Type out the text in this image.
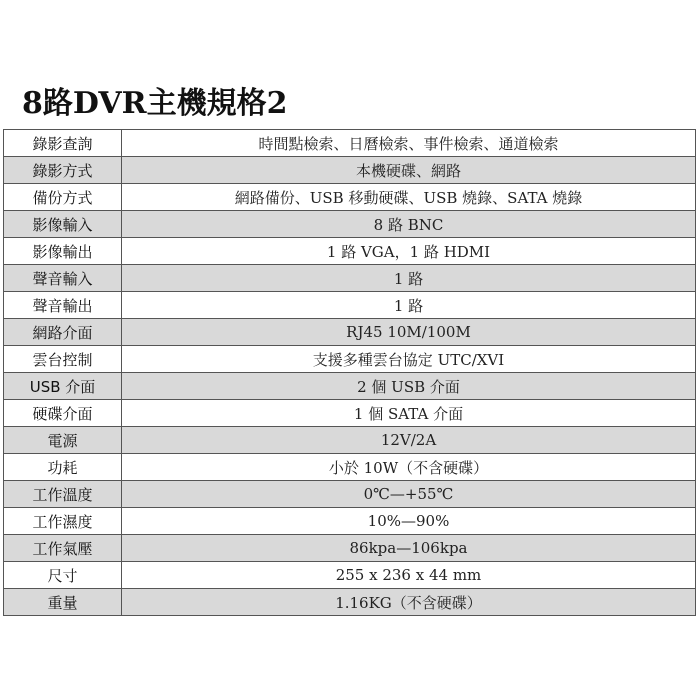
8路DVR主機規格2
錄影查詢	時間點檢索、日曆檢索、事件檢索、通道檢索
錄影方式	本機硬碟、網路
備份方式	網路備份、USB 移動硬碟、USB 燒錄、SATA 燒錄
影像輸入	8 路 BNC
影像輸出	1 路 VGA，1 路 HDMI
聲音輸入	1 路
聲音輸出	1 路
網路介面	RJ45 10M/100M
雲台控制	支援多種雲台協定 UTC/XVI
USB 介面	2 個 USB 介面
硬碟介面	1 個 SATA 介面
電源	12V/2A
功耗	小於 10W（不含硬碟）
工作溫度	0℃—+55℃
工作濕度	10%—90%
工作氣壓	86kpa—106kpa
尺寸	255 x 236 x 44 mm
重量	1.16KG（不含硬碟）
